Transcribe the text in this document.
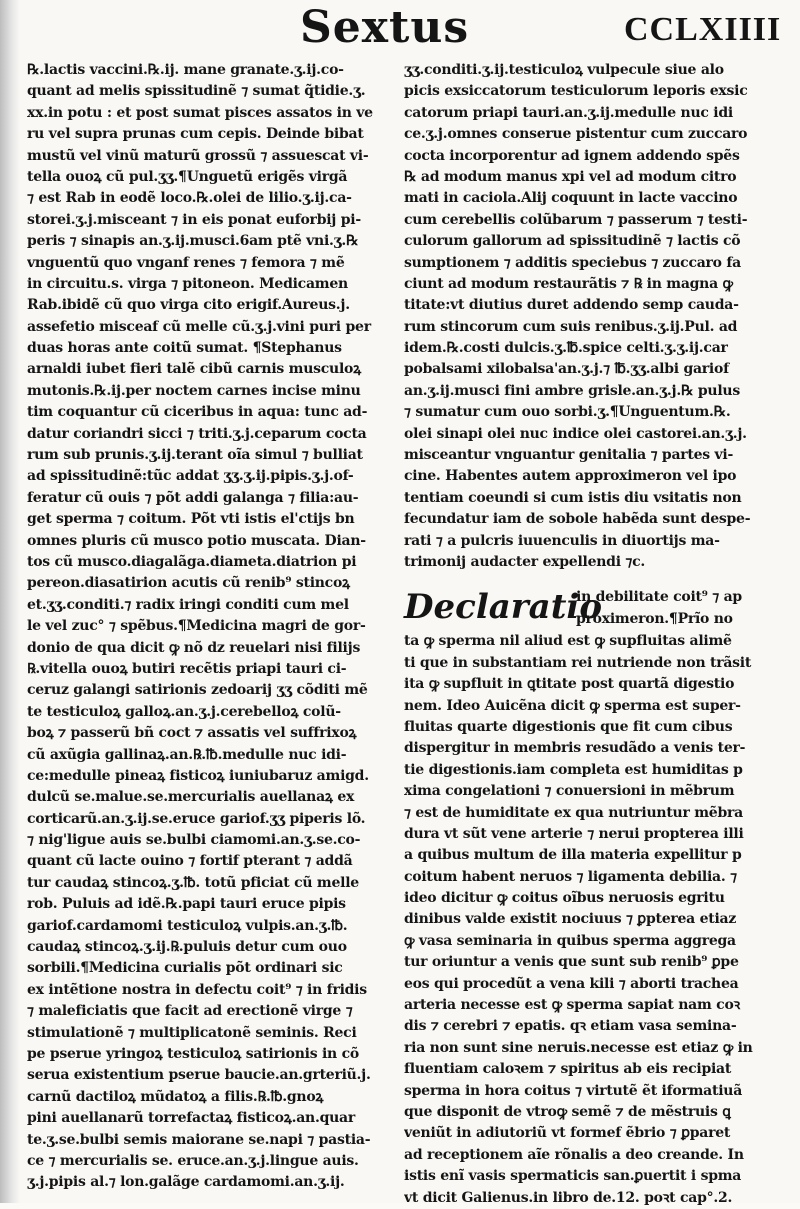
Sextus	CCLXIIII
℞.lactis vaccini.℞.ij. mane granate.ʒ.ij.co-
quant ad melis spissitudinẽ ⁊ sumat q̃tidie.ʒ.
xx.in potu : et post sumat pisces assatos in ve
ru vel supra prunas cum cepis. Deinde bibat
mustũ vel vinũ maturũ grossũ ⁊ assuescat vi-
tella ouoꝝ cũ pul.ʒʒ.¶Unguetũ erigẽs virgã
⁊ est Rab in eodẽ loco.℞.olei de lilio.ʒ.ij.ca-
storei.ʒ.j.misceant ⁊ in eis ponat euforbij pi-
peris ⁊ sinapis an.ʒ.ij.musci.6am ptẽ vni.ʒ.℞
vnguentũ quo vnganf renes ⁊ femora ⁊ mẽ
in circuitu.s. virga ⁊ pitoneon. Medicamen
Rab.ibidẽ cũ quo virga cito erigif.Aureus.j.
assefetio misceaf cũ melle cũ.ʒ.j.vini puri per
duas horas ante coitũ sumat. ¶Stephanus
arnaldi iubet fieri talẽ cibũ carnis musculoꝝ
mutonis.℞.ij.per noctem carnes incise minu
tim coquantur cũ ciceribus in aqua: tunc ad-
datur coriandri sicci ⁊ triti.ʒ.j.ceparum cocta
rum sub prunis.ʒ.ij.terant oĩa simul ⁊ bulliat
ad spissitudinẽ:tũc addat ʒʒ.ʒ.ij.pipis.ʒ.j.of-
feratur cũ ouis ⁊ põt addi galanga ⁊ filia:au-
get sperma ⁊ coitum. Põt vti istis el'ctijs bn
omnes pluris cũ musco potio muscata. Dian-
tos cũ musco.diagalãga.diameta.diatrion pi
pereon.diasatirion acutis cũ renib⁹ stincoꝝ
et.ʒʒ.conditi.⁊ radix iringi conditi cum mel
le vel zuc° ⁊ spẽbus.¶Medicina magri de gor-
donio de qua dicit ꝙ nõ dz reuelari nisi filijs
℞.vitella ouoꝝ butiri recẽtis priapi tauri ci-
ceruz galangi satirionis zedoarij ʒʒ cõditi mẽ
te testiculoꝝ galloꝝ.an.ʒ.j.cerebelloꝝ colũ-
boꝝ ⁊ passerũ bñ coct ⁊ assatis vel suffrixoꝝ
cũ axũgia gallinaꝝ.an.℞.℔.medulle nuc idi-
ce:medulle pineaꝝ fisticoꝝ iuniubaruz amigd.
dulcũ se.malue.se.mercurialis auellanaꝝ ex
corticarũ.an.ʒ.ij.se.eruce gariof.ʒʒ piperis lõ.
⁊ nig'ligue auis se.bulbi ciamomi.an.ʒ.se.co-
quant cũ lacte ouino ⁊ fortif pterant ⁊ addã
tur caudaꝝ stincoꝝ.ʒ.℔. totũ pficiat cũ melle
rob. Puluis ad idẽ.℞.papi tauri eruce pipis
gariof.cardamomi testiculoꝝ vulpis.an.ʒ.℔.
caudaꝝ stincoꝝ.ʒ.ij.℞.puluis detur cum ouo
sorbili.¶Medicina curialis põt ordinari sic
ex intẽtione nostra in defectu coit⁹ ⁊ in fridis
⁊ maleficiatis que facit ad erectionẽ virge ⁊
stimulationẽ ⁊ multiplicatonẽ seminis. Reci
pe pserue yringoꝝ testiculoꝝ satirionis in cõ
serua existentium pserue baucie.an.grteriũ.j.
carnũ dactiloꝝ mũdatoꝝ a filis.℞.℔.gnoꝝ
pini auellanarũ torrefactaꝝ fisticoꝝ.an.quar
te.ʒ.se.bulbi semis maiorane se.napi ⁊ pastia-
ce ⁊ mercurialis se. eruce.an.ʒ.j.lingue auis.
ʒ.j.pipis al.⁊ lon.galãge cardamomi.an.ʒ.ij.
ʒʒ.conditi.ʒ.ij.testiculoꝝ vulpecule siue alo
picis exsiccatorum testiculorum leporis exsic
catorum priapi tauri.an.ʒ.ij.medulle nuc idi
ce.ʒ.j.omnes conserue pistentur cum zuccaro
cocta incorporentur ad ignem addendo spẽs
℞ ad modum manus xpi vel ad modum citro
mati in caciola.Alij coquunt in lacte vaccino
cum cerebellis colũbarum ⁊ passerum ⁊ testi-
culorum gallorum ad spissitudinẽ ⁊ lactis cõ
sumptionem ⁊ additis speciebus ⁊ zuccaro fa
ciunt ad modum restaurãtis ⁊ ℞ in magna ꝙ
titate:vt diutius duret addendo semp cauda-
rum stincorum cum suis renibus.ʒ.ij.Pul. ad
idem.℞.costi dulcis.ʒ.℔.spice celti.ʒ.ʒ.ij.car
pobalsami xilobalsa'an.ʒ.j.⁊ ℔.ʒʒ.albi gariof
an.ʒ.ij.musci fini ambre grisle.an.ʒ.j.℞ pulus
⁊ sumatur cum ouo sorbi.ʒ.¶Unguentum.℞.
olei sinapi olei nuc indice olei castorei.an.ʒ.j.
misceantur vnguantur genitalia ⁊ partes vi-
cine. Habentes autem approximeron vel ipo
tentiam coeundi si cum istis diu vsitatis non
fecundatur iam de sobole habẽda sunt despe-
rati ⁊ a pulcris iuuenculis in diuortijs ma-
trimonij audacter expellendi ⁊c.
Declaratio
in debilitate coit⁹ ⁊ ap
proximeron.¶Prĩo no
ta ꝙ sperma nil aliud est ꝙ supfluitas alimẽ
ti que in substantiam rei nutriende non trãsit
ita ꝙ supfluit in ꝗtitate post quartã digestio
nem. Ideo Auicẽna dicit ꝙ sperma est super-
fluitas quarte digestionis que fit cum cibus
dispergitur in membris resudãdo a venis ter-
tie digestionis.iam completa est humiditas p
xima congelationi ⁊ conuersioni in mẽbrum
⁊ est de humiditate ex qua nutriuntur mẽbra
dura vt sũt vene arterie ⁊ nerui propterea illi
a quibus multum de illa materia expellitur p
coitum habent neruos ⁊ ligamenta debilia. ⁊
ideo dicitur ꝙ coitus oĩbus neruosis egritu
dinibus valde existit nociuus ⁊ ꝑpterea etiaz
ꝙ vasa seminaria in quibus sperma aggrega
tur oriuntur a venis que sunt sub renib⁹ ꝑpe
eos qui procedũt a vena kili ⁊ aborti trachea
arteria necesse est ꝙ sperma sapiat nam coꝛ
dis ⁊ cerebri ⁊ epatis. qꝛ etiam vasa semina-
ria non sunt sine neruis.necesse est etiaz ꝙ in
fluentiam caloꝛem ⁊ spiritus ab eis recipiat
sperma in hora coitus ⁊ virtutẽ ẽt iformatiuã
que disponit de vtroꝙ semẽ ⁊ de mẽstruis ꝗ
veniũt in adiutoriũ vt formef ẽbrio ⁊ ꝑparet
ad receptionem aĩe rõnalis a deo creande. In
istis enĩ vasis spermaticis san.ꝑuertit i spma
vt dicit Galienus.in libro de.12. poꝛt cap°.2.
